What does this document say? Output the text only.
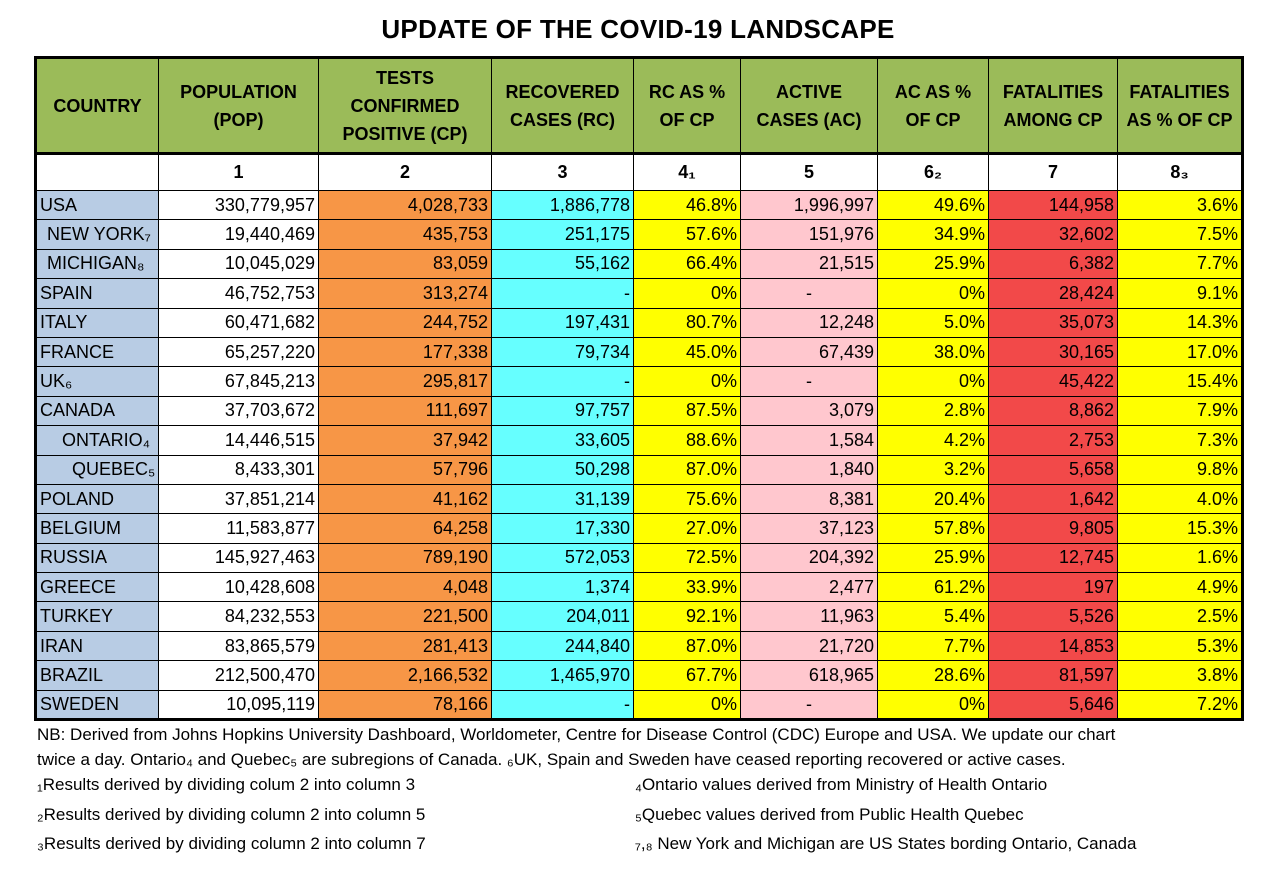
UPDATE OF THE COVID-19 LANDSCAPE
COUNTRY	POPULATION (POP)	TESTS CONFIRMED POSITIVE (CP)	RECOVERED CASES (RC)	RC AS % OF CP	ACTIVE CASES (AC)	AC AS % OF CP	FATALITIES AMONG CP	FATALITIES AS % OF CP
	1	2	3	4₁	5	6₂	7	8₃
USA	330,779,957	4,028,733	1,886,778	46.8%	1,996,997	49.6%	144,958	3.6%
NEW YORK₇	19,440,469	435,753	251,175	57.6%	151,976	34.9%	32,602	7.5%
MICHIGAN₈	10,045,029	83,059	55,162	66.4%	21,515	25.9%	6,382	7.7%
SPAIN	46,752,753	313,274	-	0%	-	0%	28,424	9.1%
ITALY	60,471,682	244,752	197,431	80.7%	12,248	5.0%	35,073	14.3%
FRANCE	65,257,220	177,338	79,734	45.0%	67,439	38.0%	30,165	17.0%
UK₆	67,845,213	295,817	-	0%	-	0%	45,422	15.4%
CANADA	37,703,672	111,697	97,757	87.5%	3,079	2.8%	8,862	7.9%
ONTARIO₄	14,446,515	37,942	33,605	88.6%	1,584	4.2%	2,753	7.3%
QUEBEC₅	8,433,301	57,796	50,298	87.0%	1,840	3.2%	5,658	9.8%
POLAND	37,851,214	41,162	31,139	75.6%	8,381	20.4%	1,642	4.0%
BELGIUM	11,583,877	64,258	17,330	27.0%	37,123	57.8%	9,805	15.3%
RUSSIA	145,927,463	789,190	572,053	72.5%	204,392	25.9%	12,745	1.6%
GREECE	10,428,608	4,048	1,374	33.9%	2,477	61.2%	197	4.9%
TURKEY	84,232,553	221,500	204,011	92.1%	11,963	5.4%	5,526	2.5%
IRAN	83,865,579	281,413	244,840	87.0%	21,720	7.7%	14,853	5.3%
BRAZIL	212,500,470	2,166,532	1,465,970	67.7%	618,965	28.6%	81,597	3.8%
SWEDEN	10,095,119	78,166	-	0%	-	0%	5,646	7.2%
NB: Derived from Johns Hopkins University Dashboard, Worldometer, Centre for Disease Control (CDC) Europe and USA. We update our chart
twice a day. Ontario₄ and Quebec₅ are subregions of Canada. ₆UK, Spain and Sweden have ceased reporting recovered or active cases.
₁Results derived by dividing colum 2 into column 3
₂Results derived by dividing column 2 into column 5
₃Results derived by dividing column 2 into column 7
₄Ontario values derived from Ministry of Health Ontario
₅Quebec values derived from Public Health Quebec
₇,₈ New York and Michigan are US States bording Ontario, Canada
